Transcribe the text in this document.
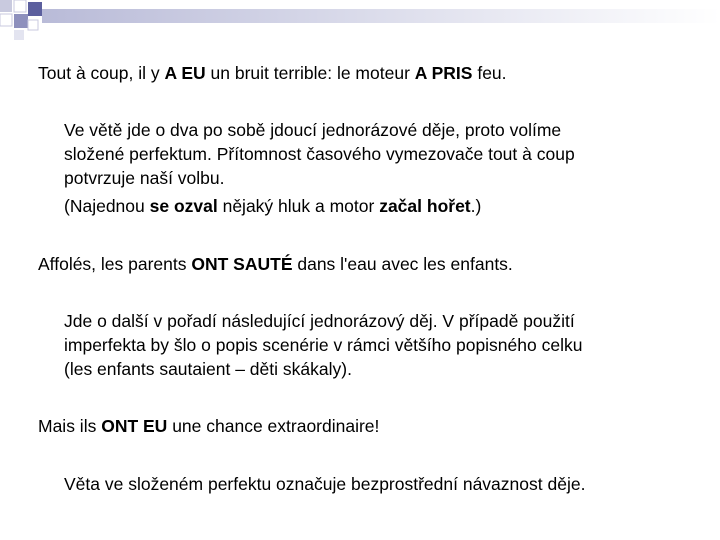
Tout à coup, il y A EU un bruit terrible: le moteur A PRIS feu.

Ve větě jde o dva po sobě jdoucí jednorázové děje, proto volíme

složené perfektum. Přítomnost časového vymezovače tout à coup

potvrzuje naší volbu.

(Najednou se ozval nějaký hluk a motor začal hořet.)

Affolés, les parents ONT SAUTÉ dans l'eau avec les enfants.

Jde o další v pořadí následující jednorázový děj. V případě použití

imperfekta by šlo o popis scenérie v rámci většího popisného celku

(les enfants sautaient – děti skákaly).

Mais ils ONT EU une chance extraordinaire!

Věta ve složeném perfektu označuje bezprostřední návaznost děje.
